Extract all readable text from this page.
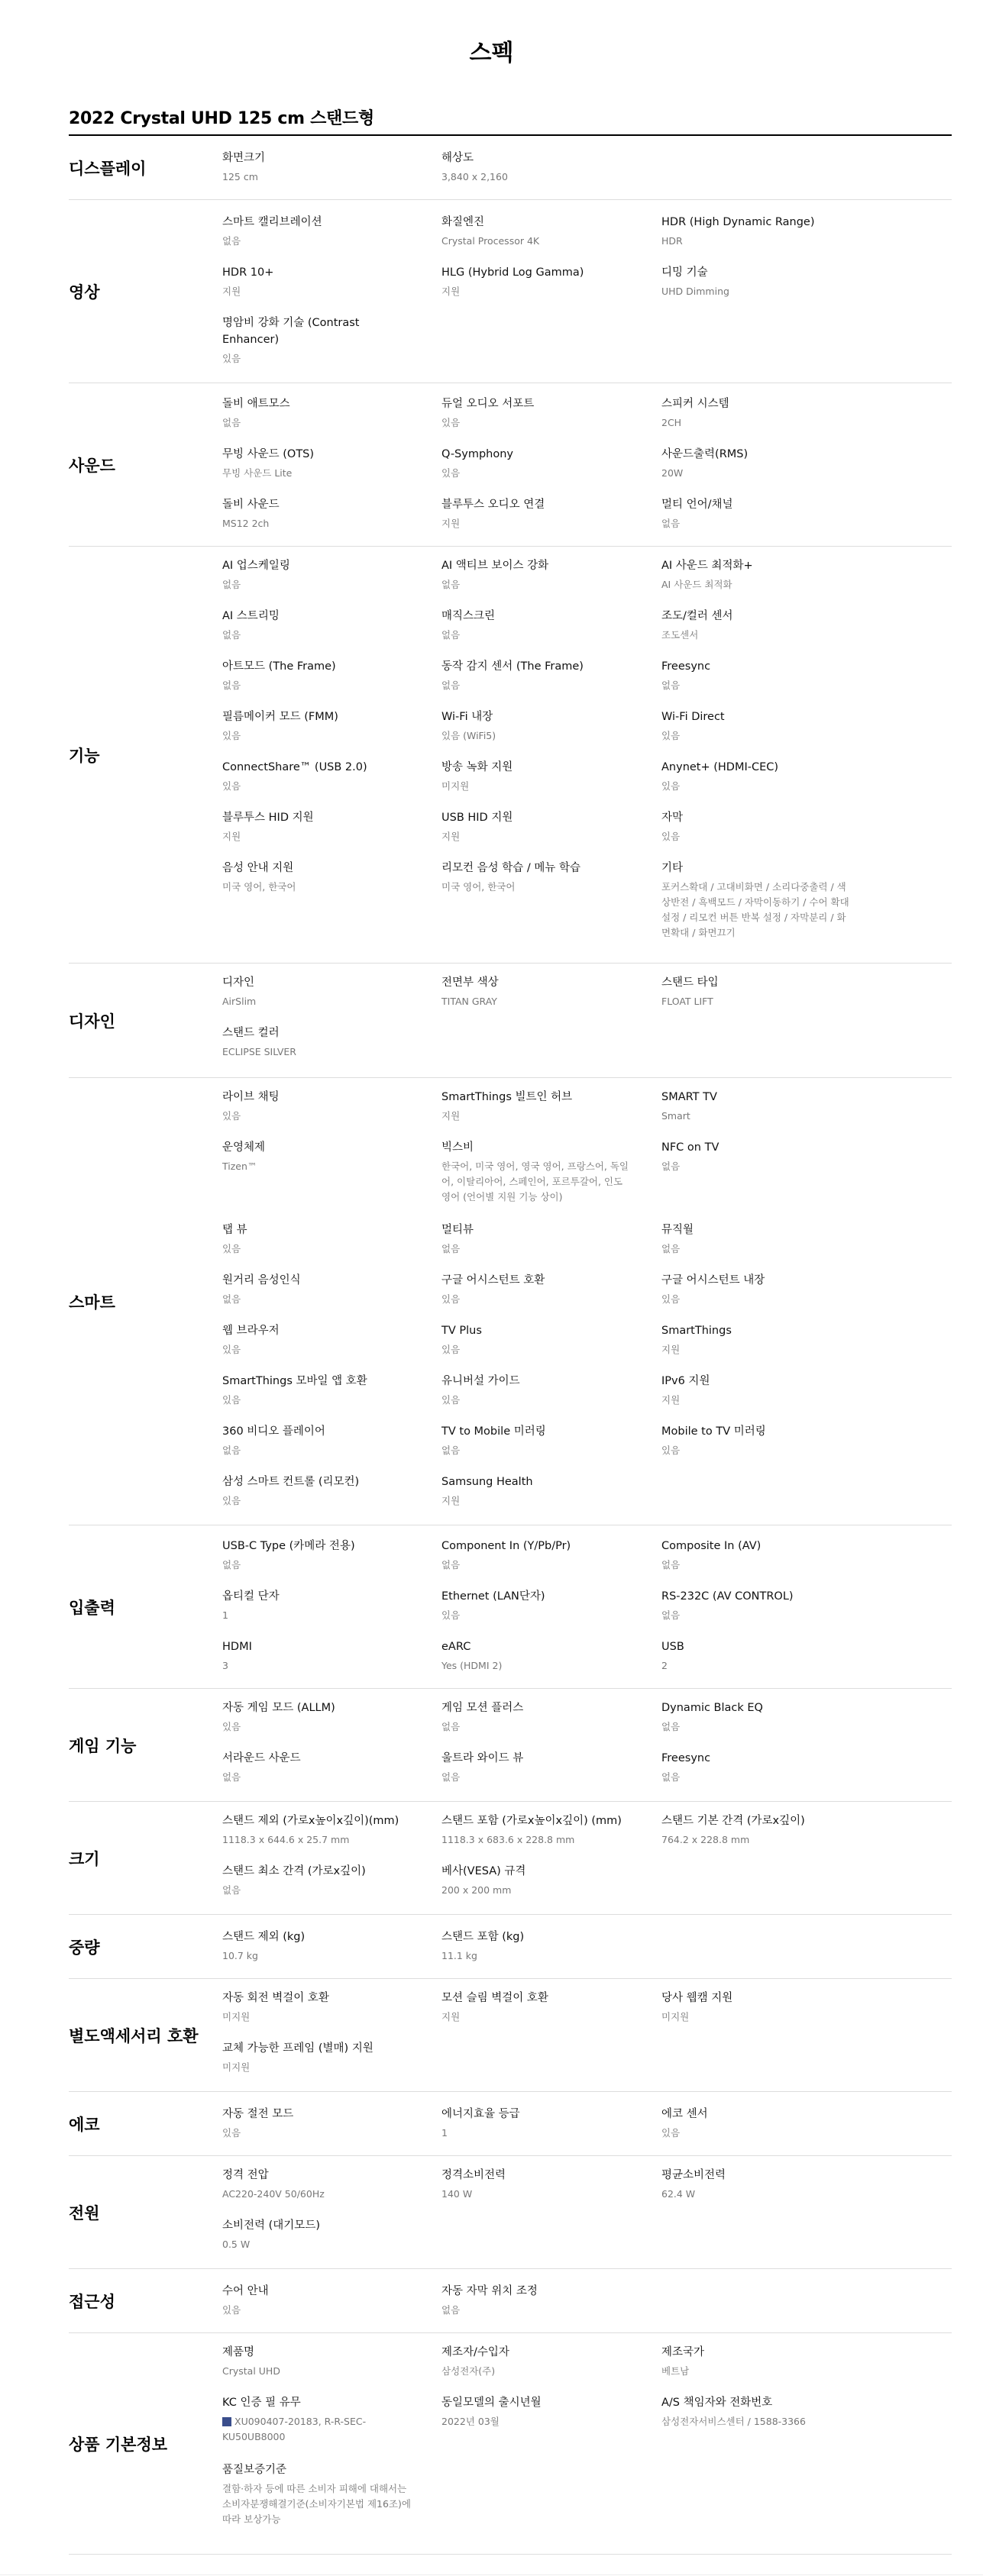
스펙
2022 Crystal UHD 125 cm 스탠드형
디스플레이
화면크기
125 cm
해상도
3,840 x 2,160
영상
스마트 캘리브레이션
없음
화질엔진
Crystal Processor 4K
HDR (High Dynamic Range)
HDR
HDR 10+
지원
HLG (Hybrid Log Gamma)
지원
디밍 기술
UHD Dimming
명암비 강화 기술 (Contrast Enhancer)
있음
사운드
돌비 애트모스
없음
듀얼 오디오 서포트
있음
스피커 시스템
2CH
무빙 사운드 (OTS)
무빙 사운드 Lite
Q-Symphony
있음
사운드출력(RMS)
20W
돌비 사운드
MS12 2ch
블루투스 오디오 연결
지원
멀티 언어/채널
없음
기능
AI 업스케일링
없음
AI 액티브 보이스 강화
없음
AI 사운드 최적화+
AI 사운드 최적화
AI 스트리밍
없음
매직스크린
없음
조도/컬러 센서
조도센서
아트모드 (The Frame)
없음
동작 감지 센서 (The Frame)
없음
Freesync
없음
필름메이커 모드 (FMM)
있음
Wi-Fi 내장
있음 (WiFi5)
Wi-Fi Direct
있음
ConnectShare™ (USB 2.0)
있음
방송 녹화 지원
미지원
Anynet+ (HDMI-CEC)
있음
블루투스 HID 지원
지원
USB HID 지원
지원
자막
있음
음성 안내 지원
미국 영어, 한국어
리모컨 음성 학습 / 메뉴 학습
미국 영어, 한국어
기타
포커스확대 / 고대비화면 / 소리다중출력 / 색상반전 / 흑백모드 / 자막이동하기 / 수어 확대 설정 / 리모컨 버튼 반복 설정 / 자막분리 / 화면확대 / 화면끄기
디자인
디자인
AirSlim
전면부 색상
TITAN GRAY
스탠드 타입
FLOAT LIFT
스탠드 컬러
ECLIPSE SILVER
스마트
라이브 채팅
있음
SmartThings 빌트인 허브
지원
SMART TV
Smart
운영체제
Tizen™
빅스비
한국어, 미국 영어, 영국 영어, 프랑스어, 독일어, 이탈리아어, 스페인어, 포르투갈어, 인도 영어 (언어별 지원 기능 상이)
NFC on TV
없음
탭 뷰
있음
멀티뷰
없음
뮤직월
없음
원거리 음성인식
없음
구글 어시스턴트 호환
있음
구글 어시스턴트 내장
있음
웹 브라우저
있음
TV Plus
있음
SmartThings
지원
SmartThings 모바일 앱 호환
있음
유니버설 가이드
있음
IPv6 지원
지원
360 비디오 플레이어
없음
TV to Mobile 미러링
없음
Mobile to TV 미러링
있음
삼성 스마트 컨트롤 (리모컨)
있음
Samsung Health
지원
입출력
USB-C Type (카메라 전용)
없음
Component In (Y/Pb/Pr)
없음
Composite In (AV)
없음
옵티컬 단자
1
Ethernet (LAN단자)
있음
RS-232C (AV CONTROL)
없음
HDMI
3
eARC
Yes (HDMI 2)
USB
2
게임 기능
자동 게임 모드 (ALLM)
있음
게임 모션 플러스
없음
Dynamic Black EQ
없음
서라운드 사운드
없음
울트라 와이드 뷰
없음
Freesync
없음
크기
스탠드 제외 (가로x높이x깊이)(mm)
1118.3 x 644.6 x 25.7 mm
스탠드 포함 (가로x높이x깊이) (mm)
1118.3 x 683.6 x 228.8 mm
스탠드 기본 간격 (가로x깊이)
764.2 x 228.8 mm
스탠드 최소 간격 (가로x깊이)
없음
베사(VESA) 규격
200 x 200 mm
중량
스탠드 제외 (kg)
10.7 kg
스탠드 포함 (kg)
11.1 kg
별도액세서리 호환
자동 회전 벽걸이 호환
미지원
모션 슬림 벽걸이 호환
지원
당사 웹캠 지원
미지원
교체 가능한 프레임 (별매) 지원
미지원
에코
자동 절전 모드
있음
에너지효율 등급
1
에코 센서
있음
전원
정격 전압
AC220-240V 50/60Hz
정격소비전력
140 W
평균소비전력
62.4 W
소비전력 (대기모드)
0.5 W
접근성
수어 안내
있음
자동 자막 위치 조정
없음
상품 기본정보
제품명
Crystal UHD
제조자/수입자
삼성전자(주)
제조국가
베트남
KC 인증 필 유무
XU090407-20183, R-R-SEC-KU50UB8000
동일모델의 출시년월
2022년 03월
A/S 책임자와 전화번호
삼성전자서비스센터 / 1588-3366
품질보증기준
결함·하자 등에 따른 소비자 피해에 대해서는 소비자분쟁해결기준(소비자기본법 제16조)에 따라 보상가능
